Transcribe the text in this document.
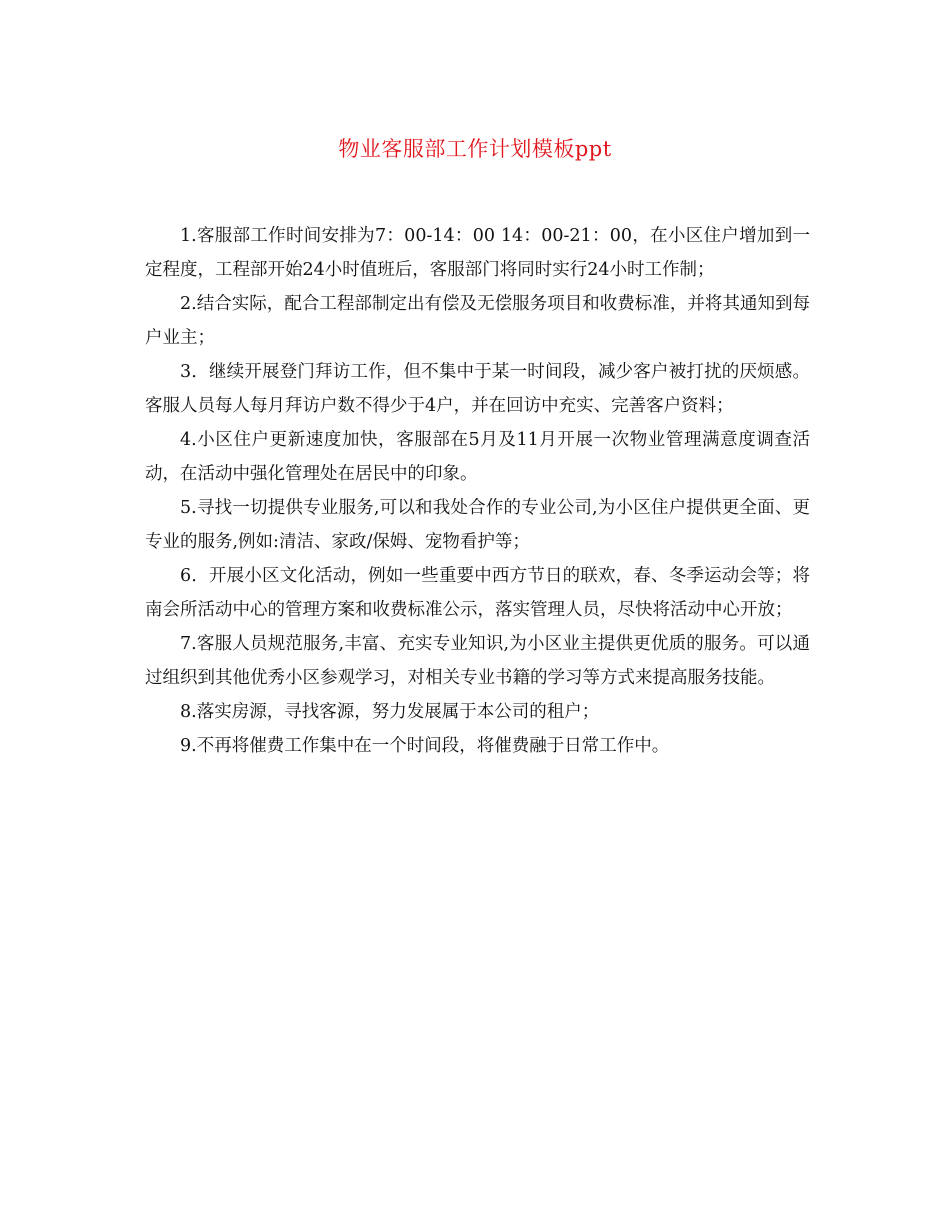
物业客服部工作计划模板ppt

1.客服部工作时间安排为7：00-14：00 14：00-21：00，在小区住户增加到一定程度，工程部开始24小时值班后，客服部门将同时实行24小时工作制；

2.结合实际，配合工程部制定出有偿及无偿服务项目和收费标准，并将其通知到每户业主；

3．继续开展登门拜访工作，但不集中于某一时间段，减少客户被打扰的厌烦感。客服人员每人每月拜访户数不得少于4户，并在回访中充实、完善客户资料；

4.小区住户更新速度加快，客服部在5月及11月开展一次物业管理满意度调查活动，在活动中强化管理处在居民中的印象。

5.寻找一切提供专业服务,可以和我处合作的专业公司,为小区住户提供更全面、更专业的服务,例如:清洁、家政/保姆、宠物看护等；

6．开展小区文化活动，例如一些重要中西方节日的联欢，春、冬季运动会等；将南会所活动中心的管理方案和收费标准公示，落实管理人员，尽快将活动中心开放；

7.客服人员规范服务,丰富、充实专业知识,为小区业主提供更优质的服务。可以通过组织到其他优秀小区参观学习，对相关专业书籍的学习等方式来提高服务技能。

8.落实房源，寻找客源，努力发展属于本公司的租户；

9.不再将催费工作集中在一个时间段，将催费融于日常工作中。
